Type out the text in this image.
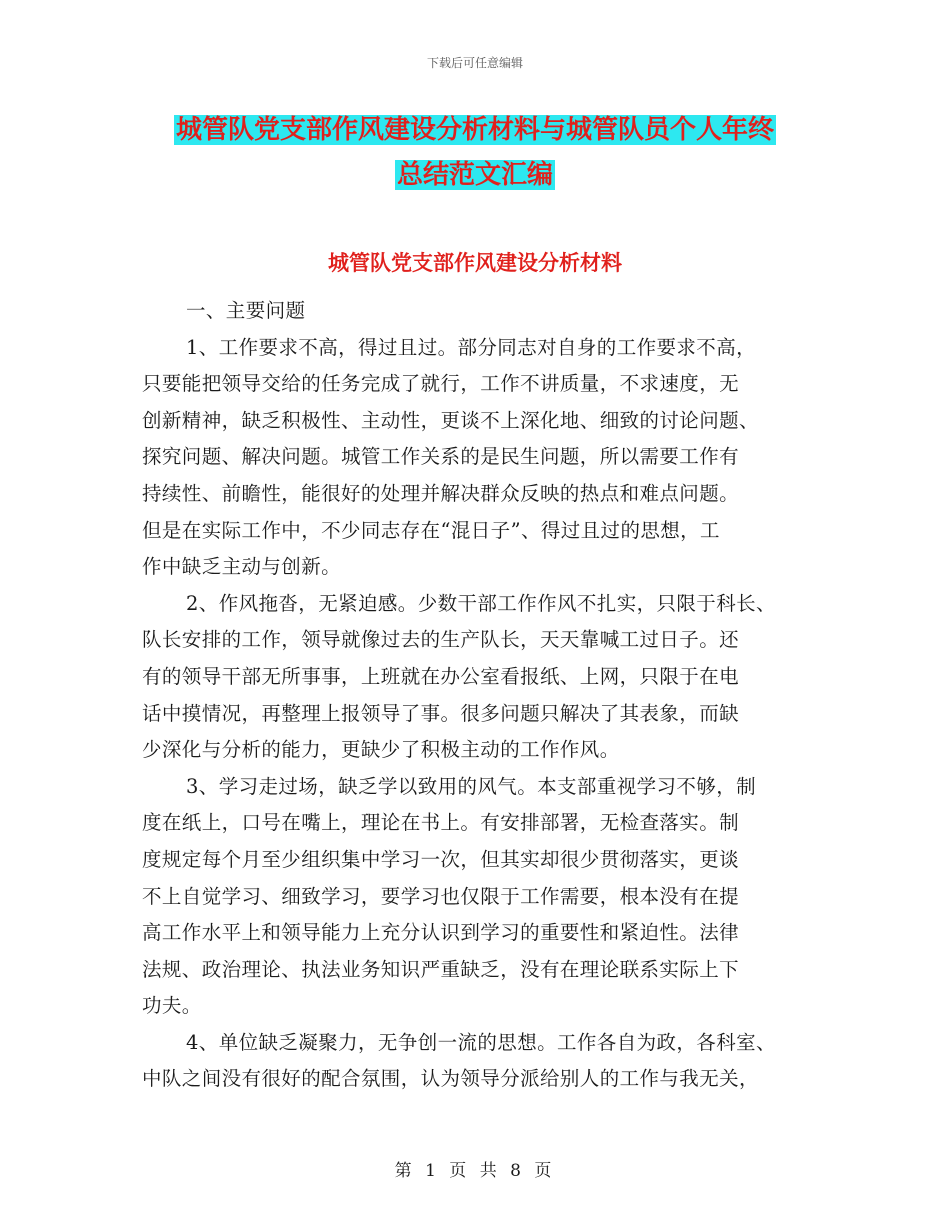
下载后可任意编辑
城管队党支部作风建设分析材料与城管队员个人年终
总结范文汇编
城管队党支部作风建设分析材料
一、主要问题
1、工作要求不高，得过且过。部分同志对自身的工作要求不高，
只要能把领导交给的任务完成了就行，工作不讲质量，不求速度，无
创新精神，缺乏积极性、主动性，更谈不上深化地、细致的讨论问题、
探究问题、解决问题。城管工作关系的是民生问题，所以需要工作有
持续性、前瞻性，能很好的处理并解决群众反映的热点和难点问题。
但是在实际工作中，不少同志存在“混日子”、得过且过的思想，工
作中缺乏主动与创新。
2、作风拖沓，无紧迫感。少数干部工作作风不扎实，只限于科长、
队长安排的工作，领导就像过去的生产队长，天天靠喊工过日子。还
有的领导干部无所事事，上班就在办公室看报纸、上网，只限于在电
话中摸情况，再整理上报领导了事。很多问题只解决了其表象，而缺
少深化与分析的能力，更缺少了积极主动的工作作风。
3、学习走过场，缺乏学以致用的风气。本支部重视学习不够，制
度在纸上，口号在嘴上，理论在书上。有安排部署，无检查落实。制
度规定每个月至少组织集中学习一次，但其实却很少贯彻落实，更谈
不上自觉学习、细致学习，要学习也仅限于工作需要，根本没有在提
高工作水平上和领导能力上充分认识到学习的重要性和紧迫性。法律
法规、政治理论、执法业务知识严重缺乏，没有在理论联系实际上下
功夫。
4、单位缺乏凝聚力，无争创一流的思想。工作各自为政，各科室、
中队之间没有很好的配合氛围，认为领导分派给别人的工作与我无关，
第 1 页 共 8 页
